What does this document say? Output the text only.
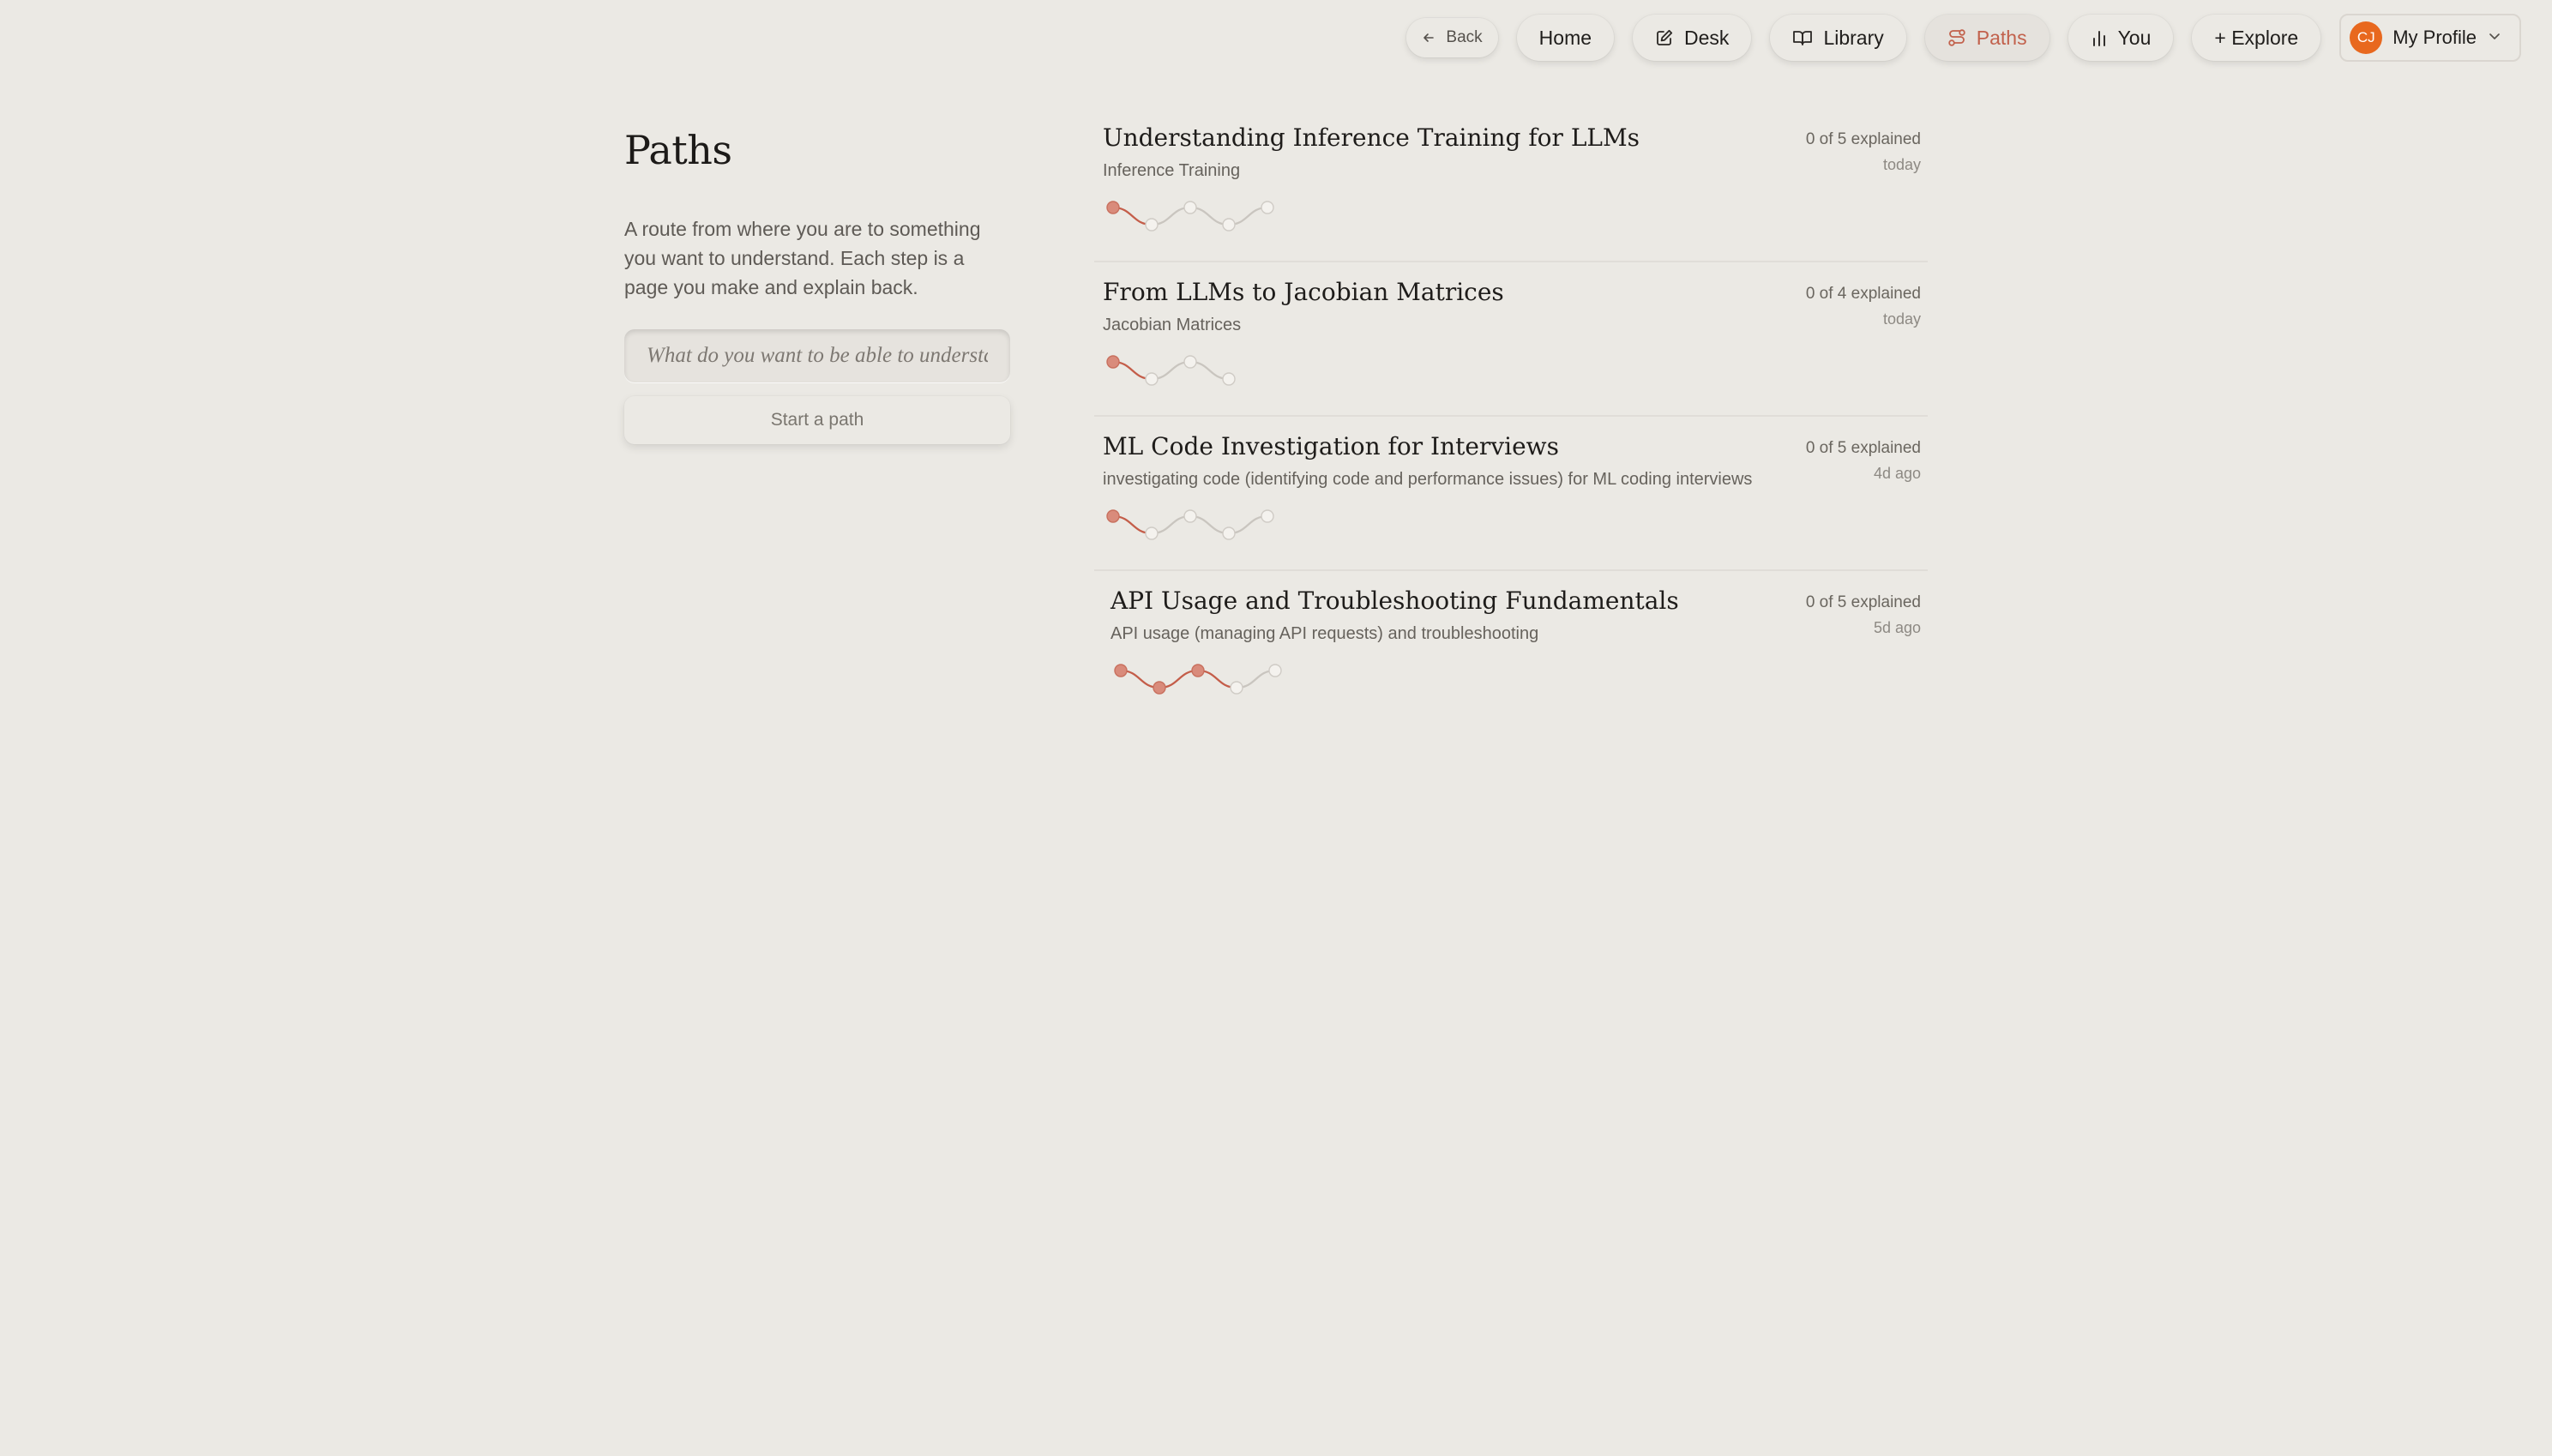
Back	Home	Desk	Library	Paths	You	+ Explore	CJ My Profile
Paths

A route from where you are to something you want to understand. Each step is a page you make and explain back.

What do you want to be able to understand? Start a path
Understanding Inference Training for LLMs
Inference Training
0 of 5 explained
today
From LLMs to Jacobian Matrices
Jacobian Matrices
0 of 4 explained
today
ML Code Investigation for Interviews
investigating code (identifying code and performance issues) for ML coding interviews
0 of 5 explained
4d ago
API Usage and Troubleshooting Fundamentals
API usage (managing API requests) and troubleshooting
0 of 5 explained
5d ago
